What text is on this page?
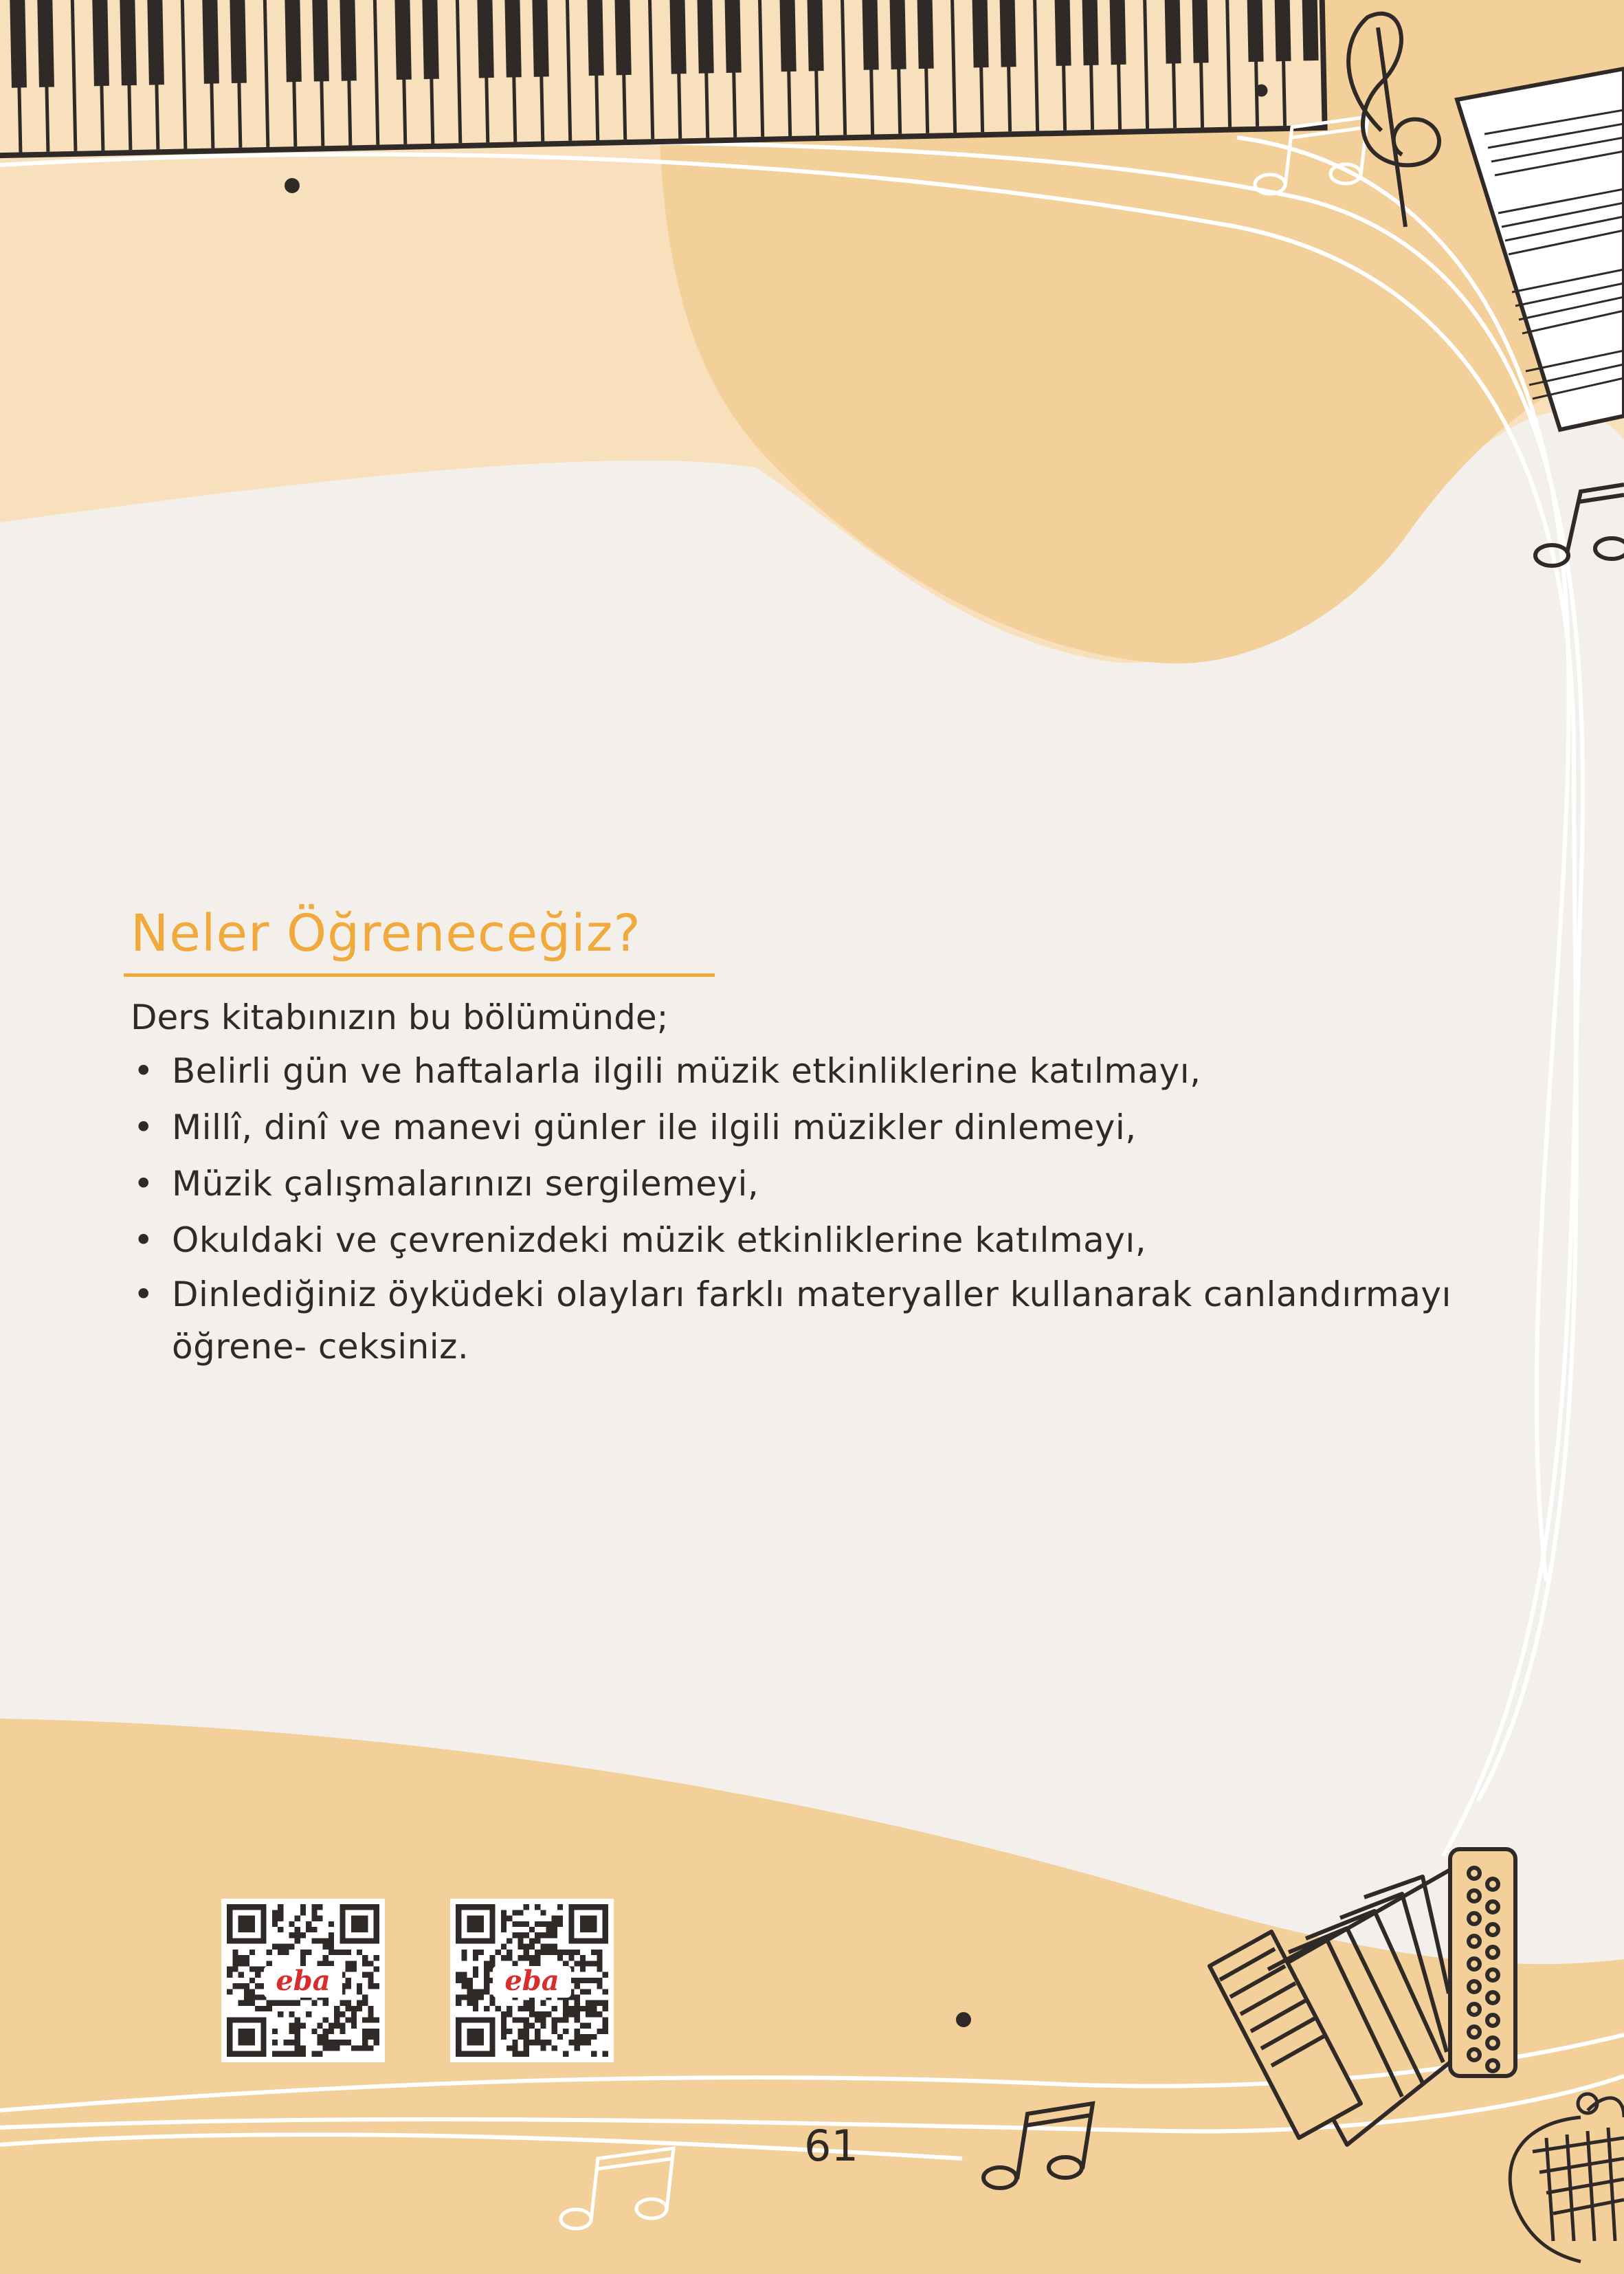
Neler Öğreneceğiz?
Ders kitabınızın bu bölümünde;
• Belirli gün ve haftalarla ilgili müzik etkinliklerine katılmayı,
• Millî, dinî ve manevi günler ile ilgili müzikler dinlemeyi,
• Müzik çalışmalarınızı sergilemeyi,
• Okuldaki ve çevrenizdeki müzik etkinliklerine katılmayı,
• Dinlediğiniz öyküdeki olayları farklı materyaller kullanarak canlandırmayı öğrene- ceksiniz.
eba	eba
61
